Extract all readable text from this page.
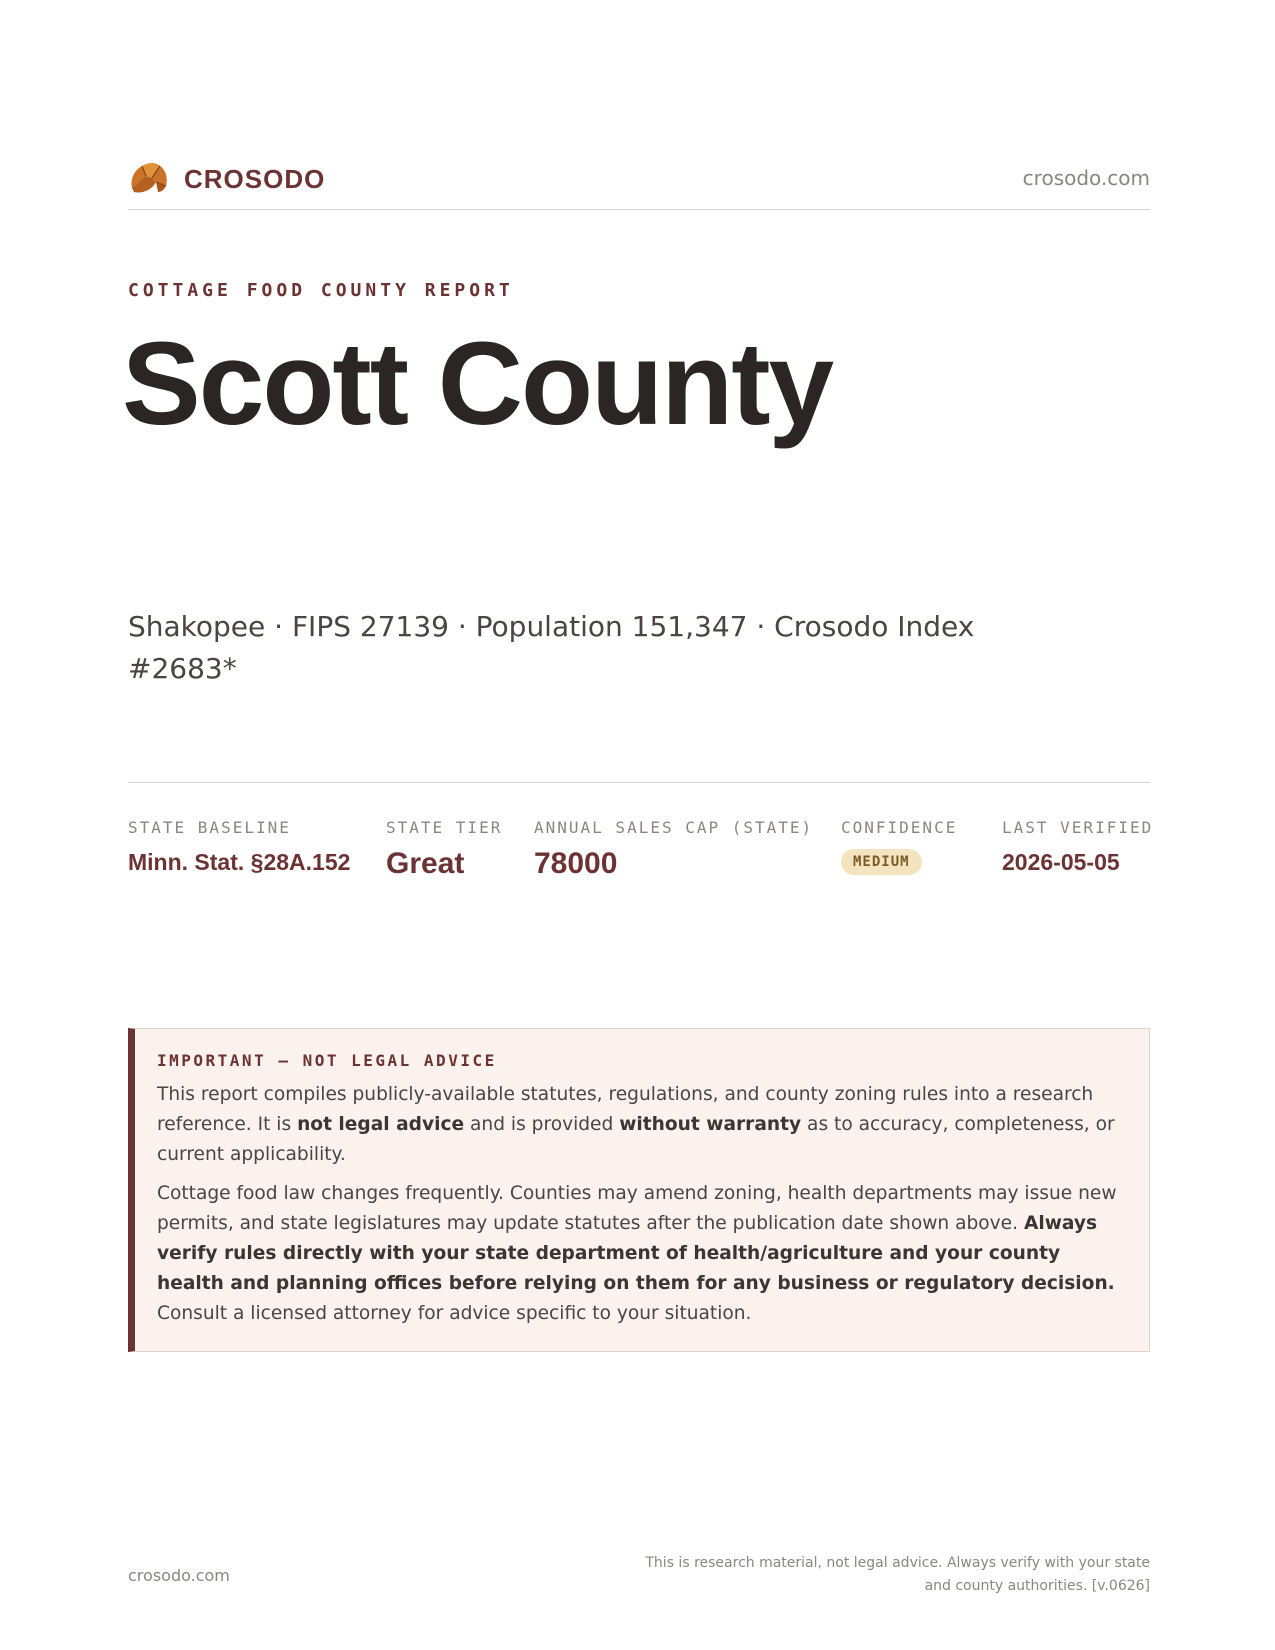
CROSODO	crosodo.com
COTTAGE FOOD COUNTY REPORT
Scott County
Shakopee · FIPS 27139 · Population 151,347 · Crosodo Index #2683*
STATE BASELINE
Minn. Stat. §28A.152
STATE TIER
Great
ANNUAL SALES CAP (STATE)
78000
CONFIDENCE
MEDIUM
LAST VERIFIED
2026-05-05
IMPORTANT — NOT LEGAL ADVICE

This report compiles publicly-available statutes, regulations, and county zoning rules into a research reference. It is not legal advice and is provided without warranty as to accuracy, completeness, or current applicability.

Cottage food law changes frequently. Counties may amend zoning, health departments may issue new permits, and state legislatures may update statutes after the publication date shown above. Always verify rules directly with your state department of health/agriculture and your county health and planning offices before relying on them for any business or regulatory decision. Consult a licensed attorney for advice specific to your situation.

crosodo.com
This is research material, not legal advice. Always verify with your state
and county authorities. [v.0626]
